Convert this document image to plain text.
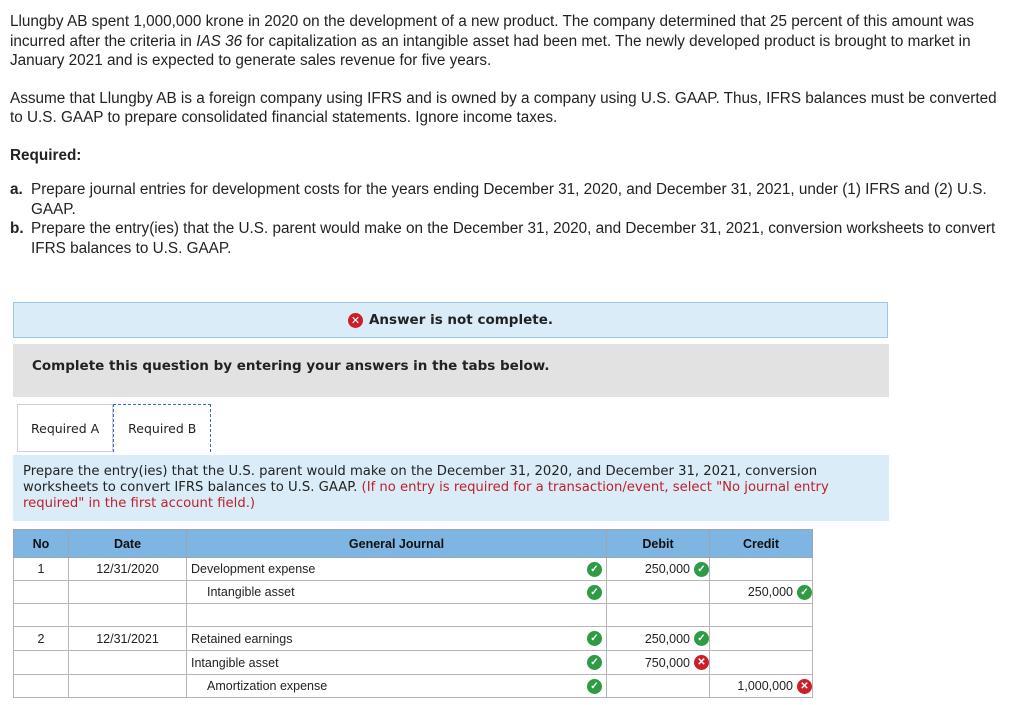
Llungby AB spent 1,000,000 krone in 2020 on the development of a new product. The company determined that 25 percent of this amount was incurred after the criteria in IAS 36 for capitalization as an intangible asset had been met. The newly developed product is brought to market in January 2021 and is expected to generate sales revenue for five years.

Assume that Llungby AB is a foreign company using IFRS and is owned by a company using U.S. GAAP. Thus, IFRS balances must be converted to U.S. GAAP to prepare consolidated financial statements. Ignore income taxes.

Required:
a. Prepare journal entries for development costs for the years ending December 31, 2020, and December 31, 2021, under (1) IFRS and (2) U.S. GAAP.
b. Prepare the entry(ies) that the U.S. parent would make on the December 31, 2020, and December 31, 2021, conversion worksheets to convert IFRS balances to U.S. GAAP.
✕ Answer is not complete.
Complete this question by entering your answers in the tabs below.
Required A	Required B
Prepare the entry(ies) that the U.S. parent would make on the December 31, 2020, and December 31, 2021, conversion worksheets to convert IFRS balances to U.S. GAAP. (If no entry is required for a transaction/event, select "No journal entry required" in the first account field.)
No	Date	General Journal	Debit	Credit
1	12/31/2020	Development expense ✓	250,000 ✓	

		Intangible asset ✓		250,000 ✓

2	12/31/2021	Retained earnings ✓	250,000 ✓	

		Intangible asset ✓	750,000 ✕	

		Amortization expense ✓		1,000,000 ✕
